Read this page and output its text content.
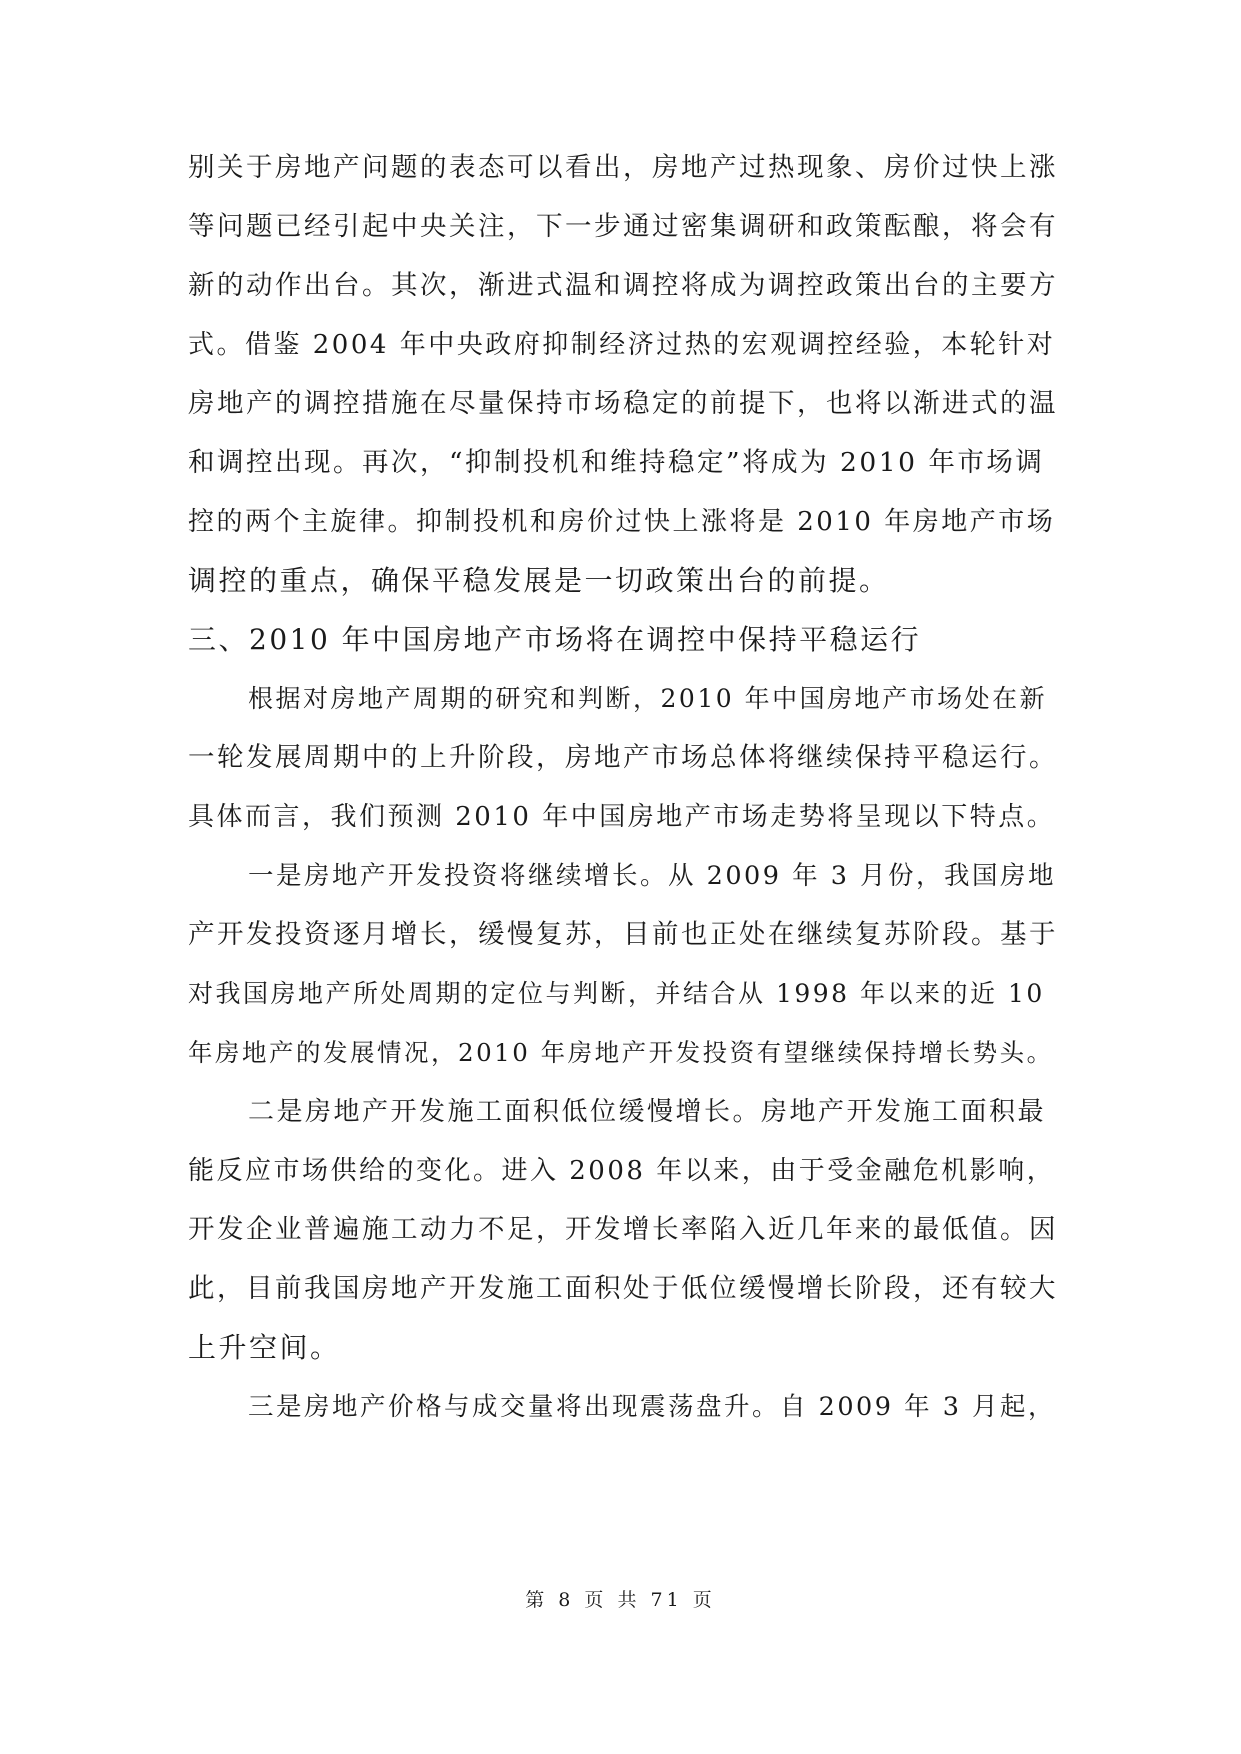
别关于房地产问题的表态可以看出，房地产过热现象、房价过快上涨
等问题已经引起中央关注，下一步通过密集调研和政策酝酿，将会有
新的动作出台。其次，渐进式温和调控将成为调控政策出台的主要方
式。借鉴 2004 年中央政府抑制经济过热的宏观调控经验，本轮针对
房地产的调控措施在尽量保持市场稳定的前提下，也将以渐进式的温
和调控出现。再次，“抑制投机和维持稳定”将成为 2010 年市场调
控的两个主旋律。抑制投机和房价过快上涨将是 2010 年房地产市场
调控的重点，确保平稳发展是一切政策出台的前提。
三、2010 年中国房地产市场将在调控中保持平稳运行
根据对房地产周期的研究和判断，2010 年中国房地产市场处在新
一轮发展周期中的上升阶段，房地产市场总体将继续保持平稳运行。
具体而言，我们预测 2010 年中国房地产市场走势将呈现以下特点。
一是房地产开发投资将继续增长。从 2009 年 3 月份，我国房地
产开发投资逐月增长，缓慢复苏，目前也正处在继续复苏阶段。基于
对我国房地产所处周期的定位与判断，并结合从 1998 年以来的近 10
年房地产的发展情况，2010 年房地产开发投资有望继续保持增长势头。
二是房地产开发施工面积低位缓慢增长。房地产开发施工面积最
能反应市场供给的变化。进入 2008 年以来，由于受金融危机影响，
开发企业普遍施工动力不足，开发增长率陷入近几年来的最低值。因
此，目前我国房地产开发施工面积处于低位缓慢增长阶段，还有较大
上升空间。
三是房地产价格与成交量将出现震荡盘升。自 2009 年 3 月起，
第 8 页 共 71 页
